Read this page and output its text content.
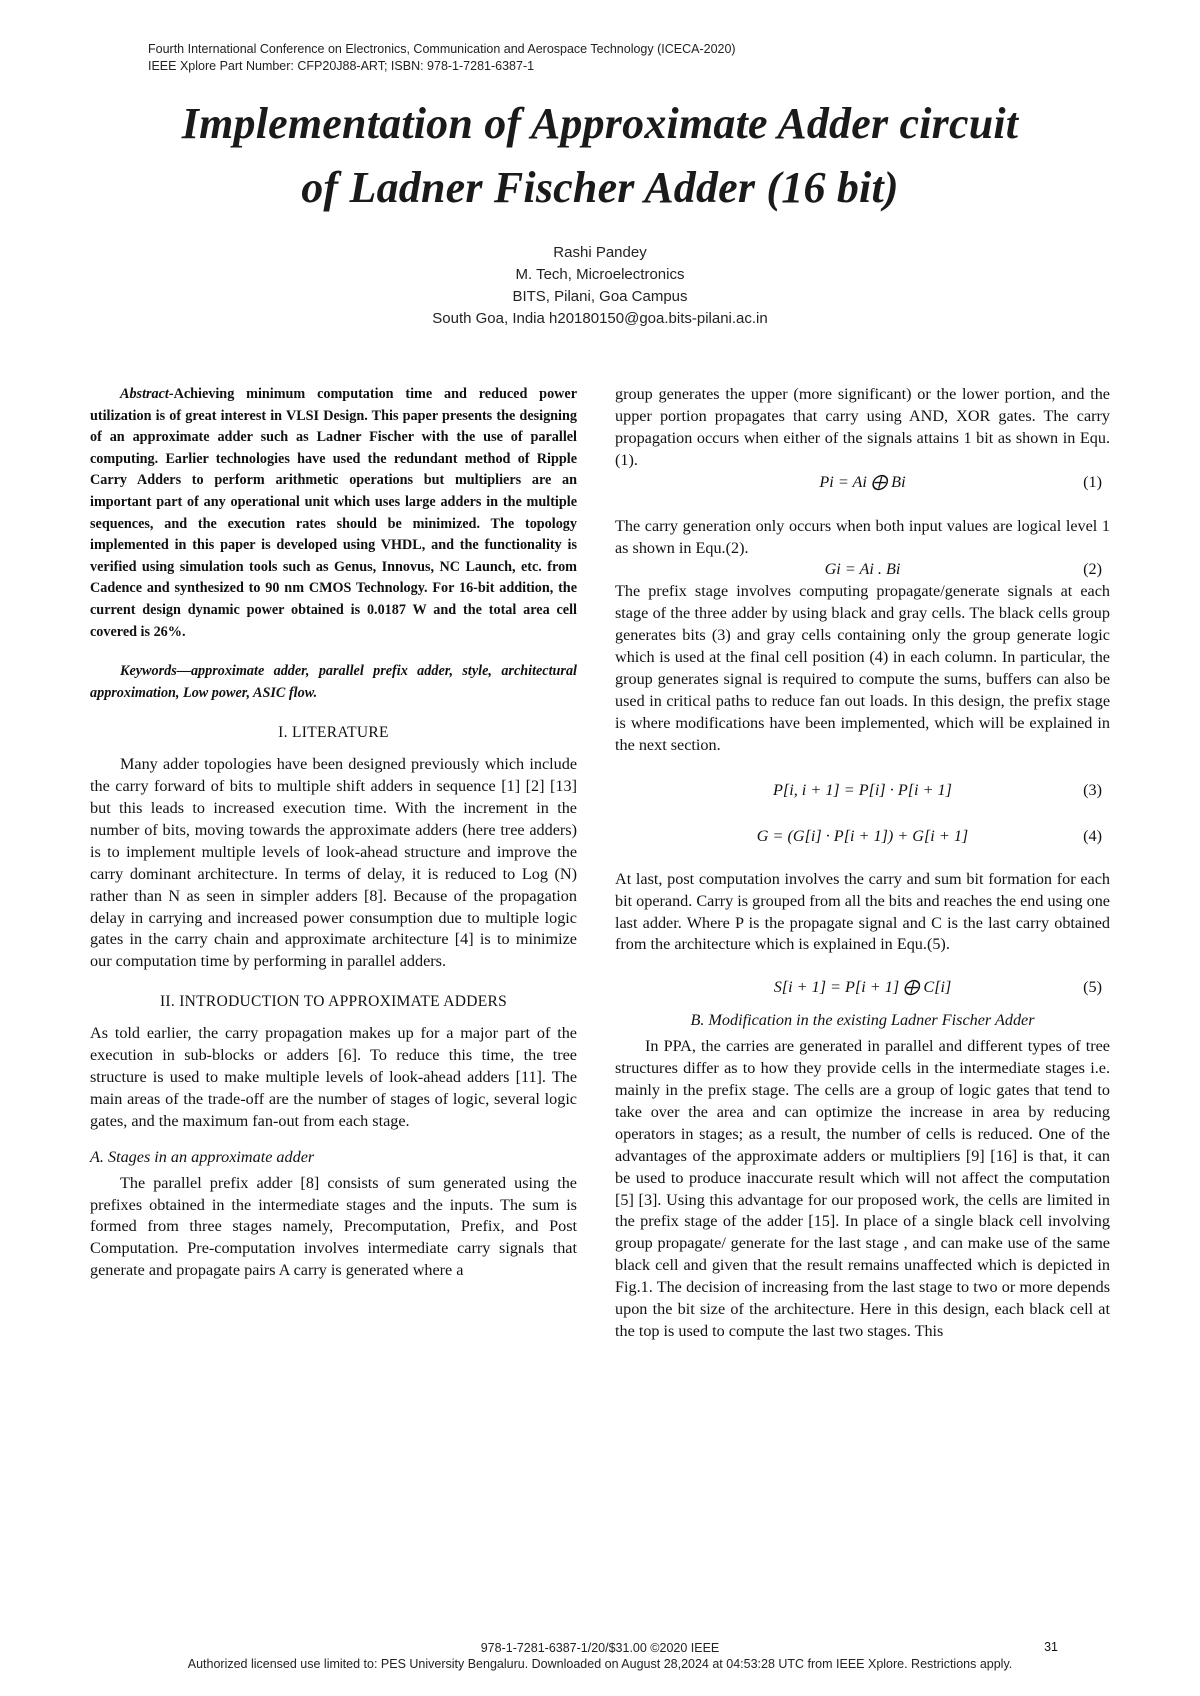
Fourth International Conference on Electronics, Communication and Aerospace Technology (ICECA-2020)
IEEE Xplore Part Number: CFP20J88-ART; ISBN: 978-1-7281-6387-1
Implementation of Approximate Adder circuit
of Ladner Fischer Adder (16 bit)
Rashi Pandey
M. Tech, Microelectronics
BITS, Pilani, Goa Campus
South Goa, India h20180150@goa.bits-pilani.ac.in

Abstract-Achieving minimum computation time and reduced power utilization is of great interest in VLSI Design. This paper presents the designing of an approximate adder such as Ladner Fischer with the use of parallel computing. Earlier technologies have used the redundant method of Ripple Carry Adders to perform arithmetic operations but multipliers are an important part of any operational unit which uses large adders in the multiple sequences, and the execution rates should be minimized. The topology implemented in this paper is developed using VHDL, and the functionality is verified using simulation tools such as Genus, Innovus, NC Launch, etc. from Cadence and synthesized to 90 nm CMOS Technology. For 16-bit addition, the current design dynamic power obtained is 0.0187 W and the total area cell covered is 26%.

Keywords—approximate adder, parallel prefix adder, style, architectural approximation, Low power, ASIC flow.

I. LITERATURE

Many adder topologies have been designed previously which include the carry forward of bits to multiple shift adders in sequence [1] [2] [13] but this leads to increased execution time. With the increment in the number of bits, moving towards the approximate adders (here tree adders) is to implement multiple levels of look-ahead structure and improve the carry dominant architecture. In terms of delay, it is reduced to Log (N) rather than N as seen in simpler adders [8]. Because of the propagation delay in carrying and increased power consumption due to multiple logic gates in the carry chain and approximate architecture [4] is to minimize our computation time by performing in parallel adders.

II. INTRODUCTION TO APPROXIMATE ADDERS

As told earlier, the carry propagation makes up for a major part of the execution in sub-blocks or adders [6]. To reduce this time, the tree structure is used to make multiple levels of look-ahead adders [11]. The main areas of the trade-off are the number of stages of logic, several logic gates, and the maximum fan-out from each stage.

A. Stages in an approximate adder

The parallel prefix adder [8] consists of sum generated using the prefixes obtained in the intermediate stages and the inputs. The sum is formed from three stages namely, Precomputation, Prefix, and Post Computation. Pre-computation involves intermediate carry signals that generate and propagate pairs A carry is generated where a

group generates the upper (more significant) or the lower portion, and the upper portion propagates that carry using AND, XOR gates. The carry propagation occurs when either of the signals attains 1 bit as shown in Equ.(1).

Pi = Ai ⨁ Bi	(1)

The carry generation only occurs when both input values are logical level 1 as shown in Equ.(2).

Gi = Ai . Bi	(2)

The prefix stage involves computing propagate/generate signals at each stage of the three adder by using black and gray cells. The black cells group generates bits (3) and gray cells containing only the group generate logic which is used at the final cell position (4) in each column. In particular, the group generates signal is required to compute the sums, buffers can also be used in critical paths to reduce fan out loads. In this design, the prefix stage is where modifications have been implemented, which will be explained in the next section.

P[i, i + 1] = P[i] · P[i + 1]	(3)
G = (G[i] · P[i + 1]) + G[i + 1]	(4)

At last, post computation involves the carry and sum bit formation for each bit operand. Carry is grouped from all the bits and reaches the end using one last adder. Where P is the propagate signal and C is the last carry obtained from the architecture which is explained in Equ.(5).

S[i + 1] = P[i + 1] ⨁ C[i]	(5)

B. Modification in the existing Ladner Fischer Adder

In PPA, the carries are generated in parallel and different types of tree structures differ as to how they provide cells in the intermediate stages i.e. mainly in the prefix stage. The cells are a group of logic gates that tend to take over the area and can optimize the increase in area by reducing operators in stages; as a result, the number of cells is reduced. One of the advantages of the approximate adders or multipliers [9] [16] is that, it can be used to produce inaccurate result which will not affect the computation [5] [3]. Using this advantage for our proposed work, the cells are limited in the prefix stage of the adder [15]. In place of a single black cell involving group propagate/ generate for the last stage , and can make use of the same black cell and given that the result remains unaffected which is depicted in Fig.1. The decision of increasing from the last stage to two or more depends upon the bit size of the architecture. Here in this design, each black cell at the top is used to compute the last two stages. This

978-1-7281-6387-1/20/$31.00 ©2020 IEEE
Authorized licensed use limited to: PES University Bengaluru. Downloaded on August 28,2024 at 04:53:28 UTC from IEEE Xplore. Restrictions apply.
31
